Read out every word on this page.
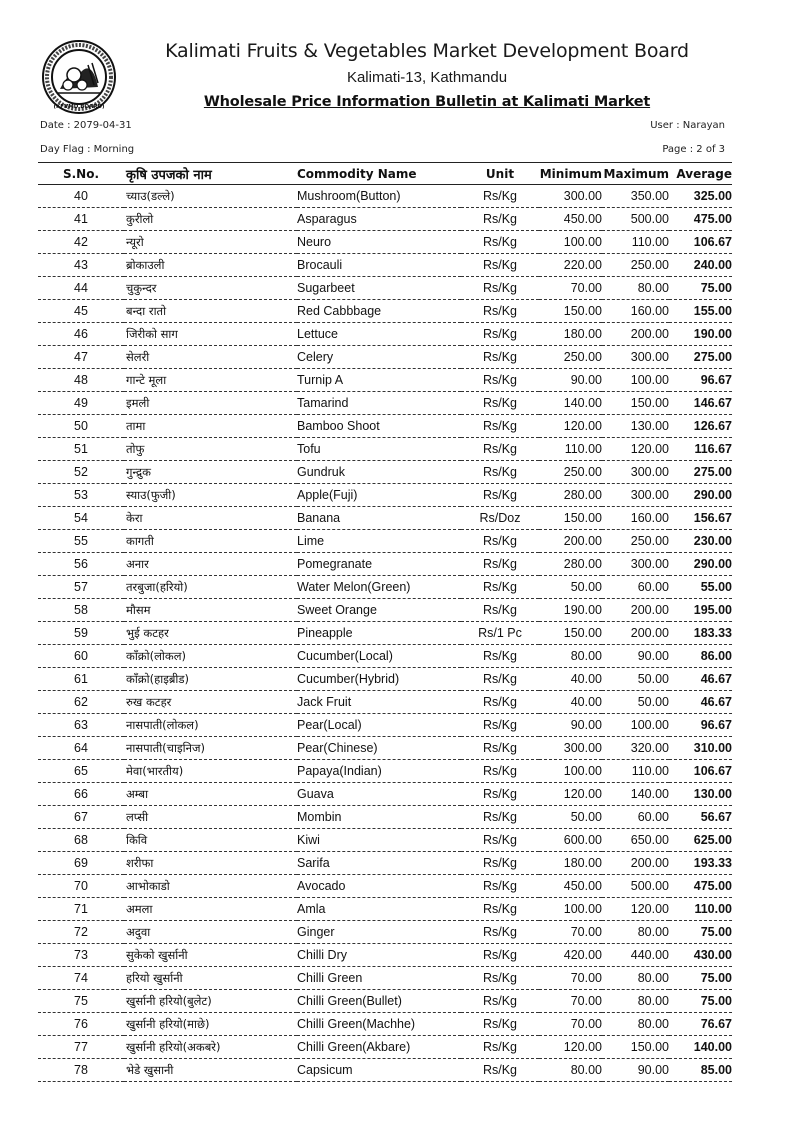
(KFVMD BOARD)
Kalimati Fruits & Vegetables Market Development Board
Kalimati-13, Kathmandu
Wholesale Price Information Bulletin at Kalimati Market
Date : 2079-04-31
Day Flag : Morning
User : Narayan
Page : 2 of 3
S.No.	कृषि उपजको नाम	Commodity Name	Unit	Minimum	Maximum	Average
40	च्याउ(डल्ले)	Mushroom(Button)	Rs/Kg	300.00	350.00	325.00
41	कुरीलो	Asparagus	Rs/Kg	450.00	500.00	475.00
42	न्यूरो	Neuro	Rs/Kg	100.00	110.00	106.67
43	ब्रोकाउली	Brocauli	Rs/Kg	220.00	250.00	240.00
44	चुकुन्दर	Sugarbeet	Rs/Kg	70.00	80.00	75.00
45	बन्दा रातो	Red Cabbbage	Rs/Kg	150.00	160.00	155.00
46	जिरीको साग	Lettuce	Rs/Kg	180.00	200.00	190.00
47	सेलरी	Celery	Rs/Kg	250.00	300.00	275.00
48	गान्टे मूला	Turnip A	Rs/Kg	90.00	100.00	96.67
49	इमली	Tamarind	Rs/Kg	140.00	150.00	146.67
50	तामा	Bamboo Shoot	Rs/Kg	120.00	130.00	126.67
51	तोफु	Tofu	Rs/Kg	110.00	120.00	116.67
52	गुन्द्रुक	Gundruk	Rs/Kg	250.00	300.00	275.00
53	स्याउ(फुजी)	Apple(Fuji)	Rs/Kg	280.00	300.00	290.00
54	केरा	Banana	Rs/Doz	150.00	160.00	156.67
55	कागती	Lime	Rs/Kg	200.00	250.00	230.00
56	अनार	Pomegranate	Rs/Kg	280.00	300.00	290.00
57	तरबुजा(हरियो)	Water Melon(Green)	Rs/Kg	50.00	60.00	55.00
58	मौसम	Sweet Orange	Rs/Kg	190.00	200.00	195.00
59	भुई कटहर	Pineapple	Rs/1 Pc	150.00	200.00	183.33
60	काँक्रो(लोकल)	Cucumber(Local)	Rs/Kg	80.00	90.00	86.00
61	काँक्रो(हाइब्रीड)	Cucumber(Hybrid)	Rs/Kg	40.00	50.00	46.67
62	रुख कटहर	Jack Fruit	Rs/Kg	40.00	50.00	46.67
63	नासपाती(लोकल)	Pear(Local)	Rs/Kg	90.00	100.00	96.67
64	नासपाती(चाइनिज)	Pear(Chinese)	Rs/Kg	300.00	320.00	310.00
65	मेवा(भारतीय)	Papaya(Indian)	Rs/Kg	100.00	110.00	106.67
66	अम्बा	Guava	Rs/Kg	120.00	140.00	130.00
67	लप्सी	Mombin	Rs/Kg	50.00	60.00	56.67
68	किवि	Kiwi	Rs/Kg	600.00	650.00	625.00
69	शरीफा	Sarifa	Rs/Kg	180.00	200.00	193.33
70	आभोकाडो	Avocado	Rs/Kg	450.00	500.00	475.00
71	अमला	Amla	Rs/Kg	100.00	120.00	110.00
72	अदुवा	Ginger	Rs/Kg	70.00	80.00	75.00
73	सुकेको खुर्सानी	Chilli Dry	Rs/Kg	420.00	440.00	430.00
74	हरियो खुर्सानी	Chilli Green	Rs/Kg	70.00	80.00	75.00
75	खुर्सानी हरियो(बुलेट)	Chilli Green(Bullet)	Rs/Kg	70.00	80.00	75.00
76	खुर्सानी हरियो(माछे)	Chilli Green(Machhe)	Rs/Kg	70.00	80.00	76.67
77	खुर्सानी हरियो(अकबरे)	Chilli Green(Akbare)	Rs/Kg	120.00	150.00	140.00
78	भेडे खुसानी	Capsicum	Rs/Kg	80.00	90.00	85.00
